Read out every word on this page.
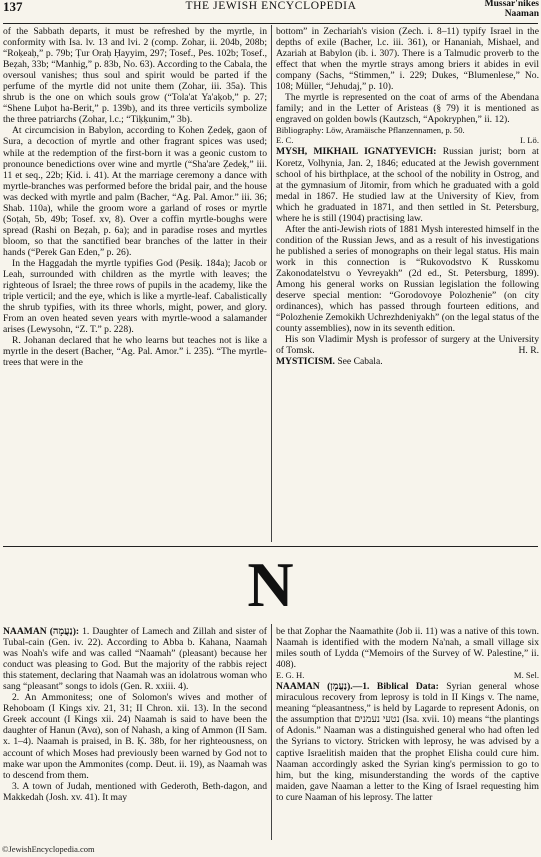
137	THE JEWISH ENCYCLOPEDIA	Mussar'nikes
Naaman

of the Sabbath departs, it must be refreshed by the myrtle, in conformity with Isa. lv. 13 and lvi. 2 (comp. Zohar, ii. 204b, 208b; “Roḳeaḥ,” p. 79b; Ṭur Oraḥ Ḥayyim, 297; Tosef., Pes. 102b; Tosef., Beẓah, 33b; “Manhig,” p. 83b, No. 63). According to the Cabala, the oversoul vanishes; thus soul and spirit would be parted if the perfume of the myrtle did not unite them (Zohar, iii. 35a). This shrub is the one on which souls grow (“Tola'at Ya'aḳob,” p. 27; “Shene Luḥot ha-Berit,” p. 139b), and its three verticils symbolize the three patriarchs (Zohar, l.c.; “Tiḳḳunim,” 3b).

At circumcision in Babylon, according to Kohen Ẓedeḳ, gaon of Sura, a decoction of myrtle and other fragrant spices was used; while at the redemption of the first-born it was a geonic custom to pronounce benedictions over wine and myrtle (“Sha'are Ẓedeḳ,” iii. 11 et seq., 22b; Ḳid. i. 41). At the marriage ceremony a dance with myrtle-branches was performed before the bridal pair, and the house was decked with myrtle and palm (Bacher, “Ag. Pal. Amor.” iii. 36; Shab. 110a), while the groom wore a garland of roses or myrtle (Soṭah, 5b, 49b; Tosef. xv, 8). Over a coffin myrtle-boughs were spread (Rashi on Beẓah, p. 6a); and in paradise roses and myrtles bloom, so that the sanctified bear branches of the latter in their hands (“Perek Gan Eden,” p. 26).

In the Haggadah the myrtle typifies God (Pesiḳ. 184a); Jacob or Leah, surrounded with children as the myrtle with leaves; the righteous of Israel; the three rows of pupils in the academy, like the triple verticil; and the eye, which is like a myrtle-leaf. Cabalistically the shrub typifies, with its three whorls, might, power, and glory. From an oven heated seven years with myrtle-wood a salamander arises (Lewysohn, “Z. T.” p. 228).

R. Johanan declared that he who learns but teaches not is like a myrtle in the desert (Bacher, “Ag. Pal. Amor.” i. 235). “The myrtle-trees that were in the

bottom” in Zechariah's vision (Zech. i. 8–11) typify Israel in the depths of exile (Bacher, l.c. iii. 361), or Hananiah, Mishael, and Azariah at Babylon (ib. i. 307). There is a Talmudic proverb to the effect that when the myrtle strays among briers it abides in evil company (Sachs, “Stimmen,” i. 229; Dukes, “Blumenlese,” No. 108; Müller, “Jehudaj,” p. 10).

The myrtle is represented on the coat of arms of the Abendana family; and in the Letter of Aristeas (§ 79) it is mentioned as engraved on golden bowls (Kautzsch, “Apokryphen,” ii. 12).

Bibliography: Löw, Aramäische Pflanzennamen, p. 50.

E. C.	I. Lö.

MYSH, MIKHAIL IGNATYEVICH: Russian jurist; born at Koretz, Volhynia, Jan. 2, 1846; educated at the Jewish government school of his birthplace, at the school of the nobility in Ostrog, and at the gymnasium of Jitomir, from which he graduated with a gold medal in 1867. He studied law at the University of Kiev, from which he graduated in 1871, and then settled in St. Petersburg, where he is still (1904) practising law.

After the anti-Jewish riots of 1881 Mysh interested himself in the condition of the Russian Jews, and as a result of his investigations he published a series of monographs on their legal status. His main work in this connection is “Rukovodstvo K Russkomu Zakonodatelstvu o Yevreyakh” (2d ed., St. Petersburg, 1899). Among his general works on Russian legislation the following deserve special mention: “Gorodovoye Polozhenie” (on city ordinances), which has passed through fourteen editions, and “Polozhenie Zemokikh Uchrezhdeniyakh” (on the legal status of the county assemblies), now in its seventh edition.

His son Vladimir Mysh is professor of surgery at the University of Tomsk.	H. R.

MYSTICISM. See Cabala.

N

NAAMAN (נַעֲמָה): 1. Daughter of Lamech and Zillah and sister of Tubal-cain (Gen. iv. 22). According to Abba b. Kahana, Naamah was Noah's wife and was called “Naamah” (pleasant) because her conduct was pleasing to God. But the majority of the rabbis reject this statement, declaring that Naamah was an idolatrous woman who sang “pleasant” songs to idols (Gen. R. xxiii. 4).

2. An Ammonitess; one of Solomon's wives and mother of Rehoboam (I Kings xiv. 21, 31; II Chron. xii. 13). In the second Greek account (I Kings xii. 24) Naamah is said to have been the daughter of Hanun (Ἀνα), son of Nahash, a king of Ammon (II Sam. x. 1–4). Naamah is praised, in B. Ḳ. 38b, for her righteousness, on account of which Moses had previously been warned by God not to make war upon the Ammonites (comp. Deut. ii. 19), as Naamah was to descend from them.

3. A town of Judah, mentioned with Gederoth, Beth-dagon, and Makkedah (Josh. xv. 41). It may

be that Zophar the Naamathite (Job ii. 11) was a native of this town. Naamah is identified with the modern Na'nah, a small village six miles south of Lydda (“Memoirs of the Survey of W. Palestine,” ii. 408).

E. G. H.	M. Sel.

NAAMAN (נַעֲמָן).—1. Biblical Data: Syrian general whose miraculous recovery from leprosy is told in II Kings v. The name, meaning “pleasantness,” is held by Lagarde to represent Adonis, on the assumption that נטעי נעמנים (Isa. xvii. 10) means “the plantings of Adonis.” Naaman was a distinguished general who had often led the Syrians to victory. Stricken with leprosy, he was advised by a captive Israelitish maiden that the prophet Elisha could cure him. Naaman accordingly asked the Syrian king's permission to go to him, but the king, misunderstanding the words of the captive maiden, gave Naaman a letter to the King of Israel requesting him to cure Naaman of his leprosy. The latter

©JewishEncyclopedia.com
